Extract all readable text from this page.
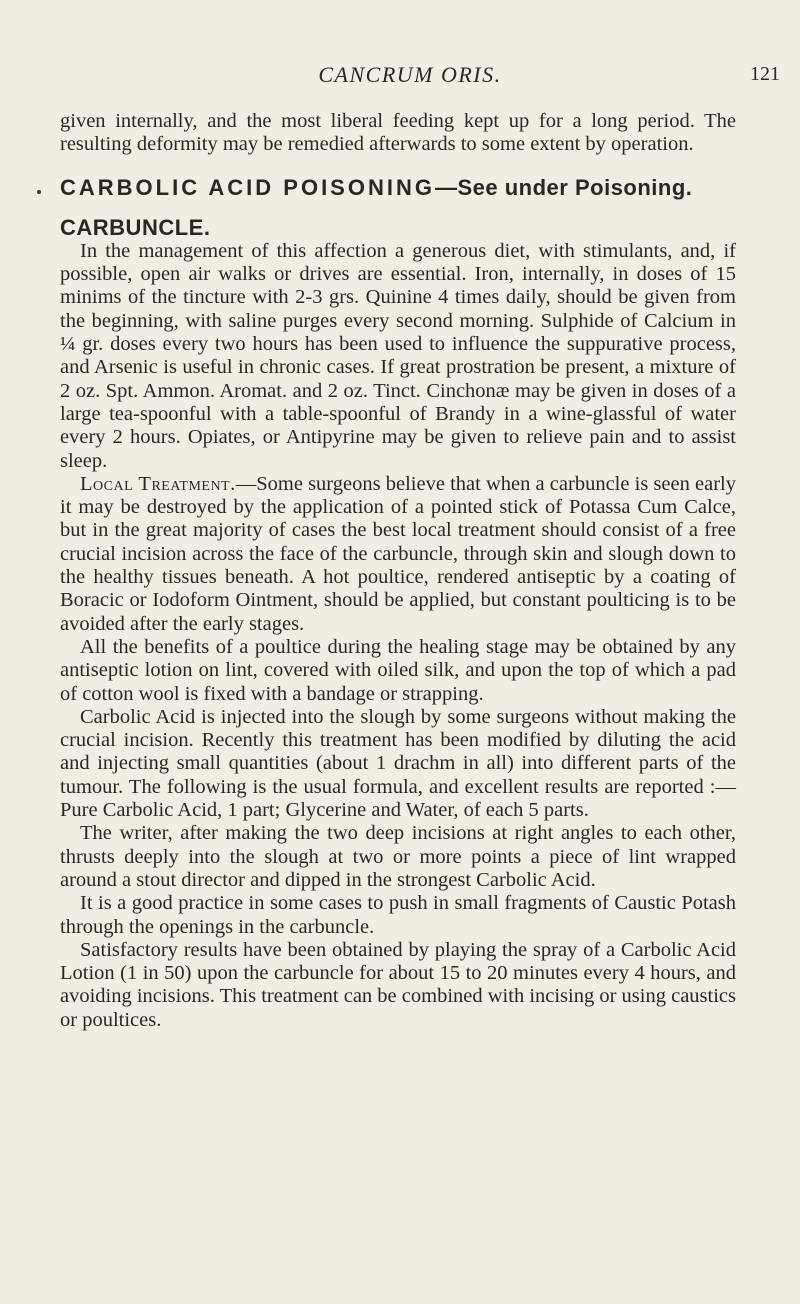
CANCRUM ORIS.	121

given internally, and the most liberal feeding kept up for a long period. The resulting deformity may be remedied afterwards to some extent by operation.

CARBOLIC ACID POISONING—See under Poisoning.

CARBUNCLE.

In the management of this affection a generous diet, with stimulants, and, if possible, open air walks or drives are essential. Iron, internally, in doses of 15 minims of the tincture with 2-3 grs. Quinine 4 times daily, should be given from the beginning, with saline purges every second morning. Sulphide of Calcium in ¼ gr. doses every two hours has been used to influence the suppurative process, and Arsenic is useful in chronic cases. If great prostration be present, a mixture of 2 oz. Spt. Ammon. Aromat. and 2 oz. Tinct. Cinchonæ may be given in doses of a large tea-spoonful with a table-spoonful of Brandy in a wine-glassful of water every 2 hours. Opiates, or Antipyrine may be given to relieve pain and to assist sleep.

Local Treatment.—Some surgeons believe that when a carbuncle is seen early it may be destroyed by the application of a pointed stick of Potassa Cum Calce, but in the great majority of cases the best local treatment should consist of a free crucial incision across the face of the carbuncle, through skin and slough down to the healthy tissues beneath. A hot poultice, rendered antiseptic by a coating of Boracic or Iodoform Ointment, should be applied, but constant poulticing is to be avoided after the early stages.

All the benefits of a poultice during the healing stage may be obtained by any antiseptic lotion on lint, covered with oiled silk, and upon the top of which a pad of cotton wool is fixed with a bandage or strapping.

Carbolic Acid is injected into the slough by some surgeons without making the crucial incision. Recently this treatment has been modified by diluting the acid and injecting small quantities (about 1 drachm in all) into different parts of the tumour. The following is the usual formula, and excellent results are reported :— Pure Carbolic Acid, 1 part; Glycerine and Water, of each 5 parts.

The writer, after making the two deep incisions at right angles to each other, thrusts deeply into the slough at two or more points a piece of lint wrapped around a stout director and dipped in the strongest Carbolic Acid.

It is a good practice in some cases to push in small fragments of Caustic Potash through the openings in the carbuncle.

Satisfactory results have been obtained by playing the spray of a Carbolic Acid Lotion (1 in 50) upon the carbuncle for about 15 to 20 minutes every 4 hours, and avoiding incisions. This treatment can be combined with incising or using caustics or poultices.
